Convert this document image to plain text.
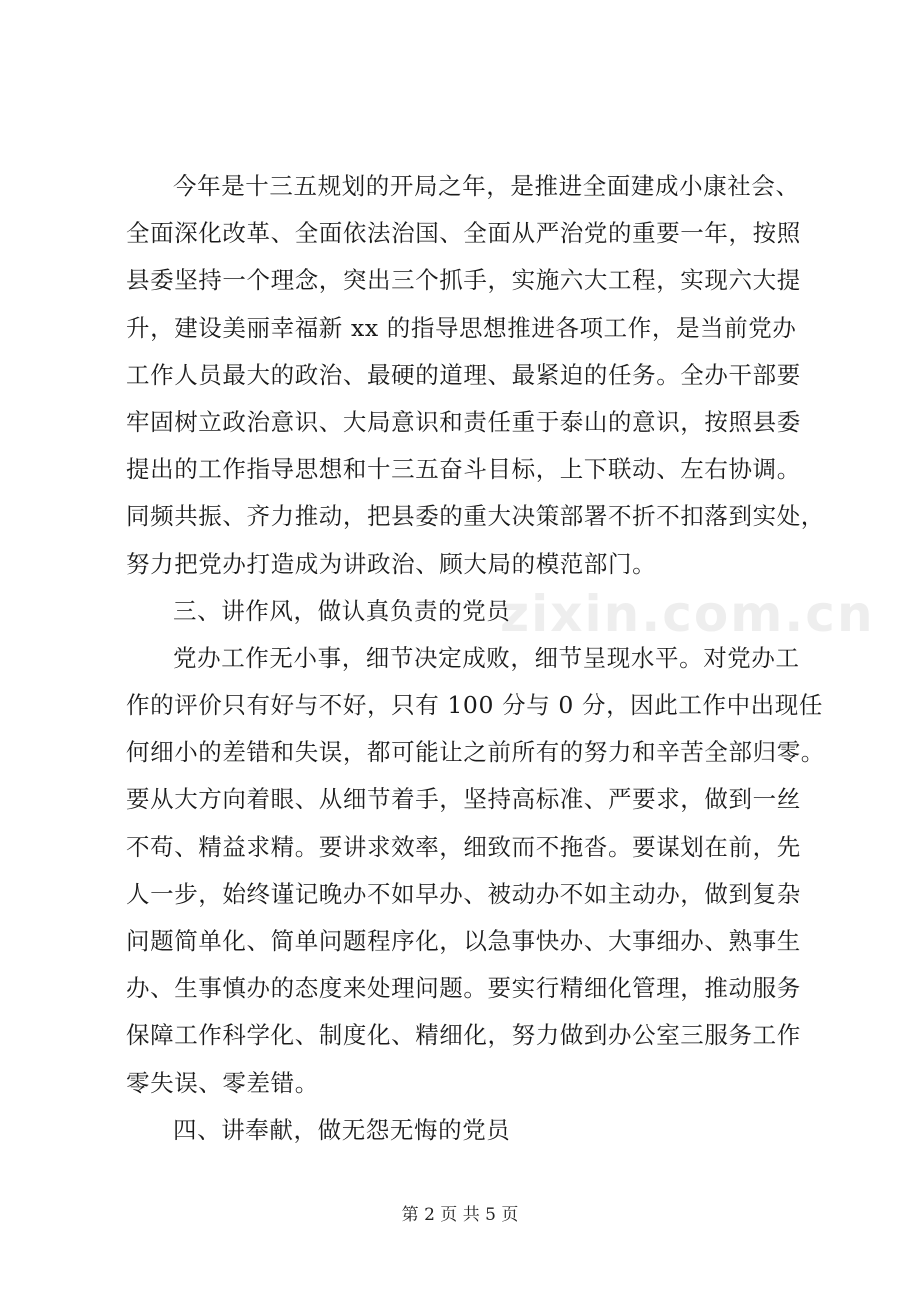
zixin.com.cn
今年是十三五规划的开局之年，是推进全面建成小康社会、
全面深化改革、全面依法治国、全面从严治党的重要一年，按照
县委坚持一个理念，突出三个抓手，实施六大工程，实现六大提
升，建设美丽幸福新 xx 的指导思想推进各项工作，是当前党办
工作人员最大的政治、最硬的道理、最紧迫的任务。全办干部要
牢固树立政治意识、大局意识和责任重于泰山的意识，按照县委
提出的工作指导思想和十三五奋斗目标，上下联动、左右协调。
同频共振、齐力推动，把县委的重大决策部署不折不扣落到实处，
努力把党办打造成为讲政治、顾大局的模范部门。
三、讲作风，做认真负责的党员
党办工作无小事，细节决定成败，细节呈现水平。对党办工
作的评价只有好与不好，只有 100 分与 0 分，因此工作中出现任
何细小的差错和失误，都可能让之前所有的努力和辛苦全部归零。
要从大方向着眼、从细节着手，坚持高标准、严要求，做到一丝
不苟、精益求精。要讲求效率，细致而不拖沓。要谋划在前，先
人一步，始终谨记晚办不如早办、被动办不如主动办，做到复杂
问题简单化、简单问题程序化，以急事快办、大事细办、熟事生
办、生事慎办的态度来处理问题。要实行精细化管理，推动服务
保障工作科学化、制度化、精细化，努力做到办公室三服务工作
零失误、零差错。
四、讲奉献，做无怨无悔的党员
第 2 页 共 5 页
